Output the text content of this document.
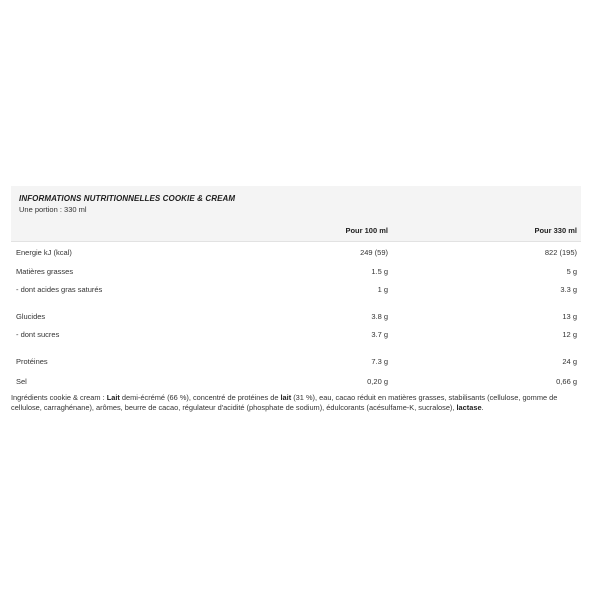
INFORMATIONS NUTRITIONNELLES COOKIE & CREAM
Une portion : 330 ml
Pour 100 ml	Pour 330 ml
Energie kJ (kcal)	249 (59)	822 (195)
Matières grasses	1.5 g	5 g
- dont acides gras saturés	1 g	3.3 g
Glucides	3.8 g	13 g
- dont sucres	3.7 g	12 g
Protéines	7.3 g	24 g
Sel	0,20 g	0,66 g
Ingrédients cookie & cream : Lait demi-écrémé (66 %), concentré de protéines de lait (31 %), eau, cacao réduit en matières grasses, stabilisants (cellulose, gomme de cellulose, carraghénane), arômes, beurre de cacao, régulateur d'acidité (phosphate de sodium), édulcorants (acésulfame-K, sucralose), lactase.
